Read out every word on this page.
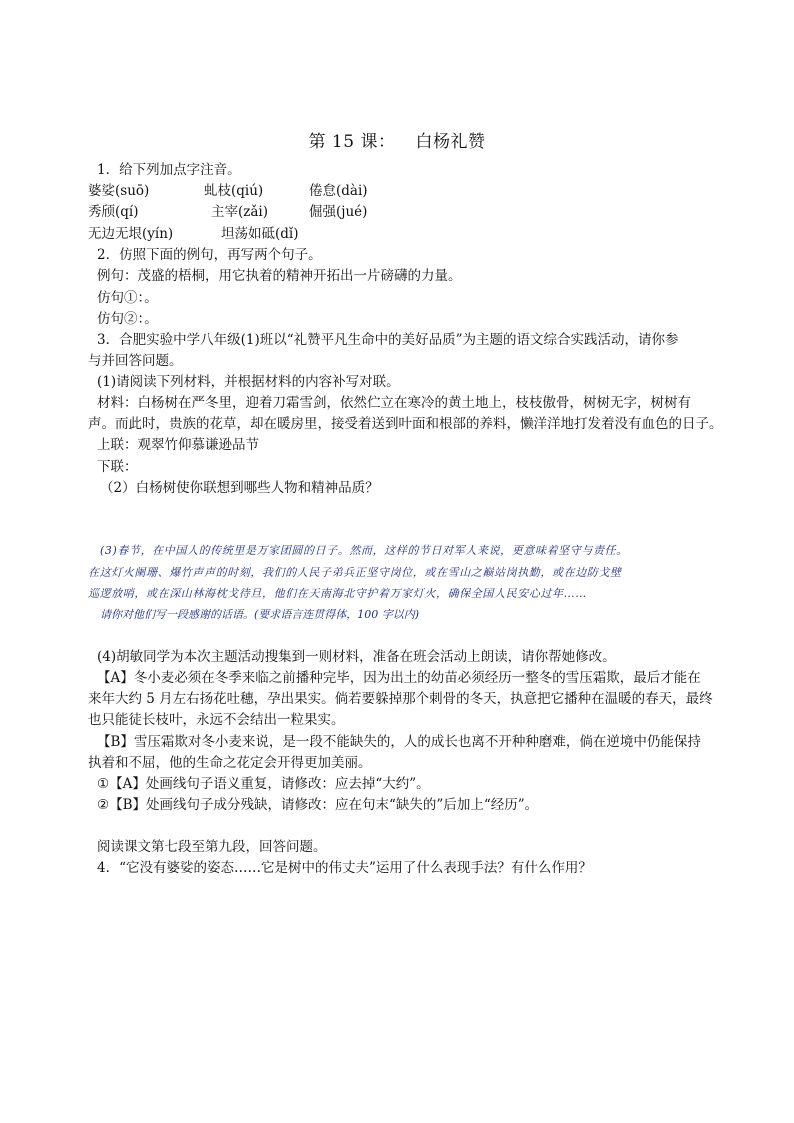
第 15 课： 白杨礼赞
1．给下列加点字注音。
婆娑(suō)	虬枝(qiú)	倦怠(dài)
秀颀(qí)	主宰(zǎi)	倔强(jué)
无边无垠(yín)	坦荡如砥(dǐ)
2．仿照下面的例句，再写两个句子。
例句：茂盛的梧桐，用它执着的精神开拓出一片磅礴的力量。
仿句①：。
仿句②：。
3．合肥实验中学八年级(1)班以“礼赞平凡生命中的美好品质”为主题的语文综合实践活动，请你参
与并回答问题。
(1)请阅读下列材料，并根据材料的内容补写对联。
材料：白杨树在严冬里，迎着刀霜雪剑，依然伫立在寒冷的黄土地上，枝枝傲骨，树树无字，树树有
声。而此时，贵族的花草，却在暖房里，接受着送到叶面和根部的养料，懒洋洋地打发着没有血色的日子。
上联：观翠竹仰慕谦逊品节
下联：
（2）白杨树使你联想到哪些人物和精神品质？
(3)春节，在中国人的传统里是万家团圆的日子。然而，这样的节日对军人来说，更意味着坚守与责任。
在这灯火阑珊、爆竹声声的时刻，我们的人民子弟兵正坚守岗位，或在雪山之巅站岗执勤，或在边防戈壁
巡逻放哨，或在深山林海枕戈待旦，他们在天南海北守护着万家灯火，确保全国人民安心过年……
请你对他们写一段感谢的话语。(要求语言连贯得体，100 字以内)
(4)胡敏同学为本次主题活动搜集到一则材料，准备在班会活动上朗读，请你帮她修改。
【A】冬小麦必须在冬季来临之前播种完毕，因为出土的幼苗必须经历一整冬的雪压霜欺，最后才能在
来年大约 5 月左右扬花吐穗，孕出果实。倘若要躲掉那个刺骨的冬天，执意把它播种在温暖的春天，最终
也只能徒长枝叶，永远不会结出一粒果实。
【B】雪压霜欺对冬小麦来说，是一段不能缺失的，人的成长也离不开种种磨难，倘在逆境中仍能保持
执着和不屈，他的生命之花定会开得更加美丽。
①【A】处画线句子语义重复，请修改：应去掉“大约”。
②【B】处画线句子成分残缺，请修改：应在句末“缺失的”后加上“经历”。
阅读课文第七段至第九段，回答问题。
4．“它没有婆娑的姿态……它是树中的伟丈夫”运用了什么表现手法？有什么作用？
